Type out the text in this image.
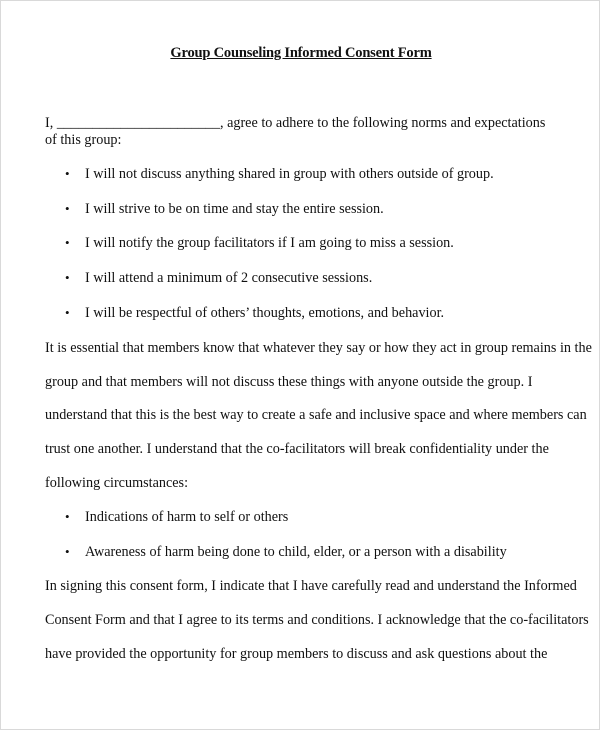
Group Counseling Informed Consent Form
I, _______________________, agree to adhere to the following norms and expectations
of this group:
• I will not discuss anything shared in group with others outside of group.
• I will strive to be on time and stay the entire session.
• I will notify the group facilitators if I am going to miss a session.
• I will attend a minimum of 2 consecutive sessions.
• I will be respectful of others’ thoughts, emotions, and behavior.
It is essential that members know that whatever they say or how they act in group remains in the
group and that members will not discuss these things with anyone outside the group. I
understand that this is the best way to create a safe and inclusive space and where members can
trust one another. I understand that the co-facilitators will break confidentiality under the
following circumstances:
• Indications of harm to self or others
• Awareness of harm being done to child, elder, or a person with a disability
In signing this consent form, I indicate that I have carefully read and understand the Informed
Consent Form and that I agree to its terms and conditions. I acknowledge that the co-facilitators
have provided the opportunity for group members to discuss and ask questions about the
